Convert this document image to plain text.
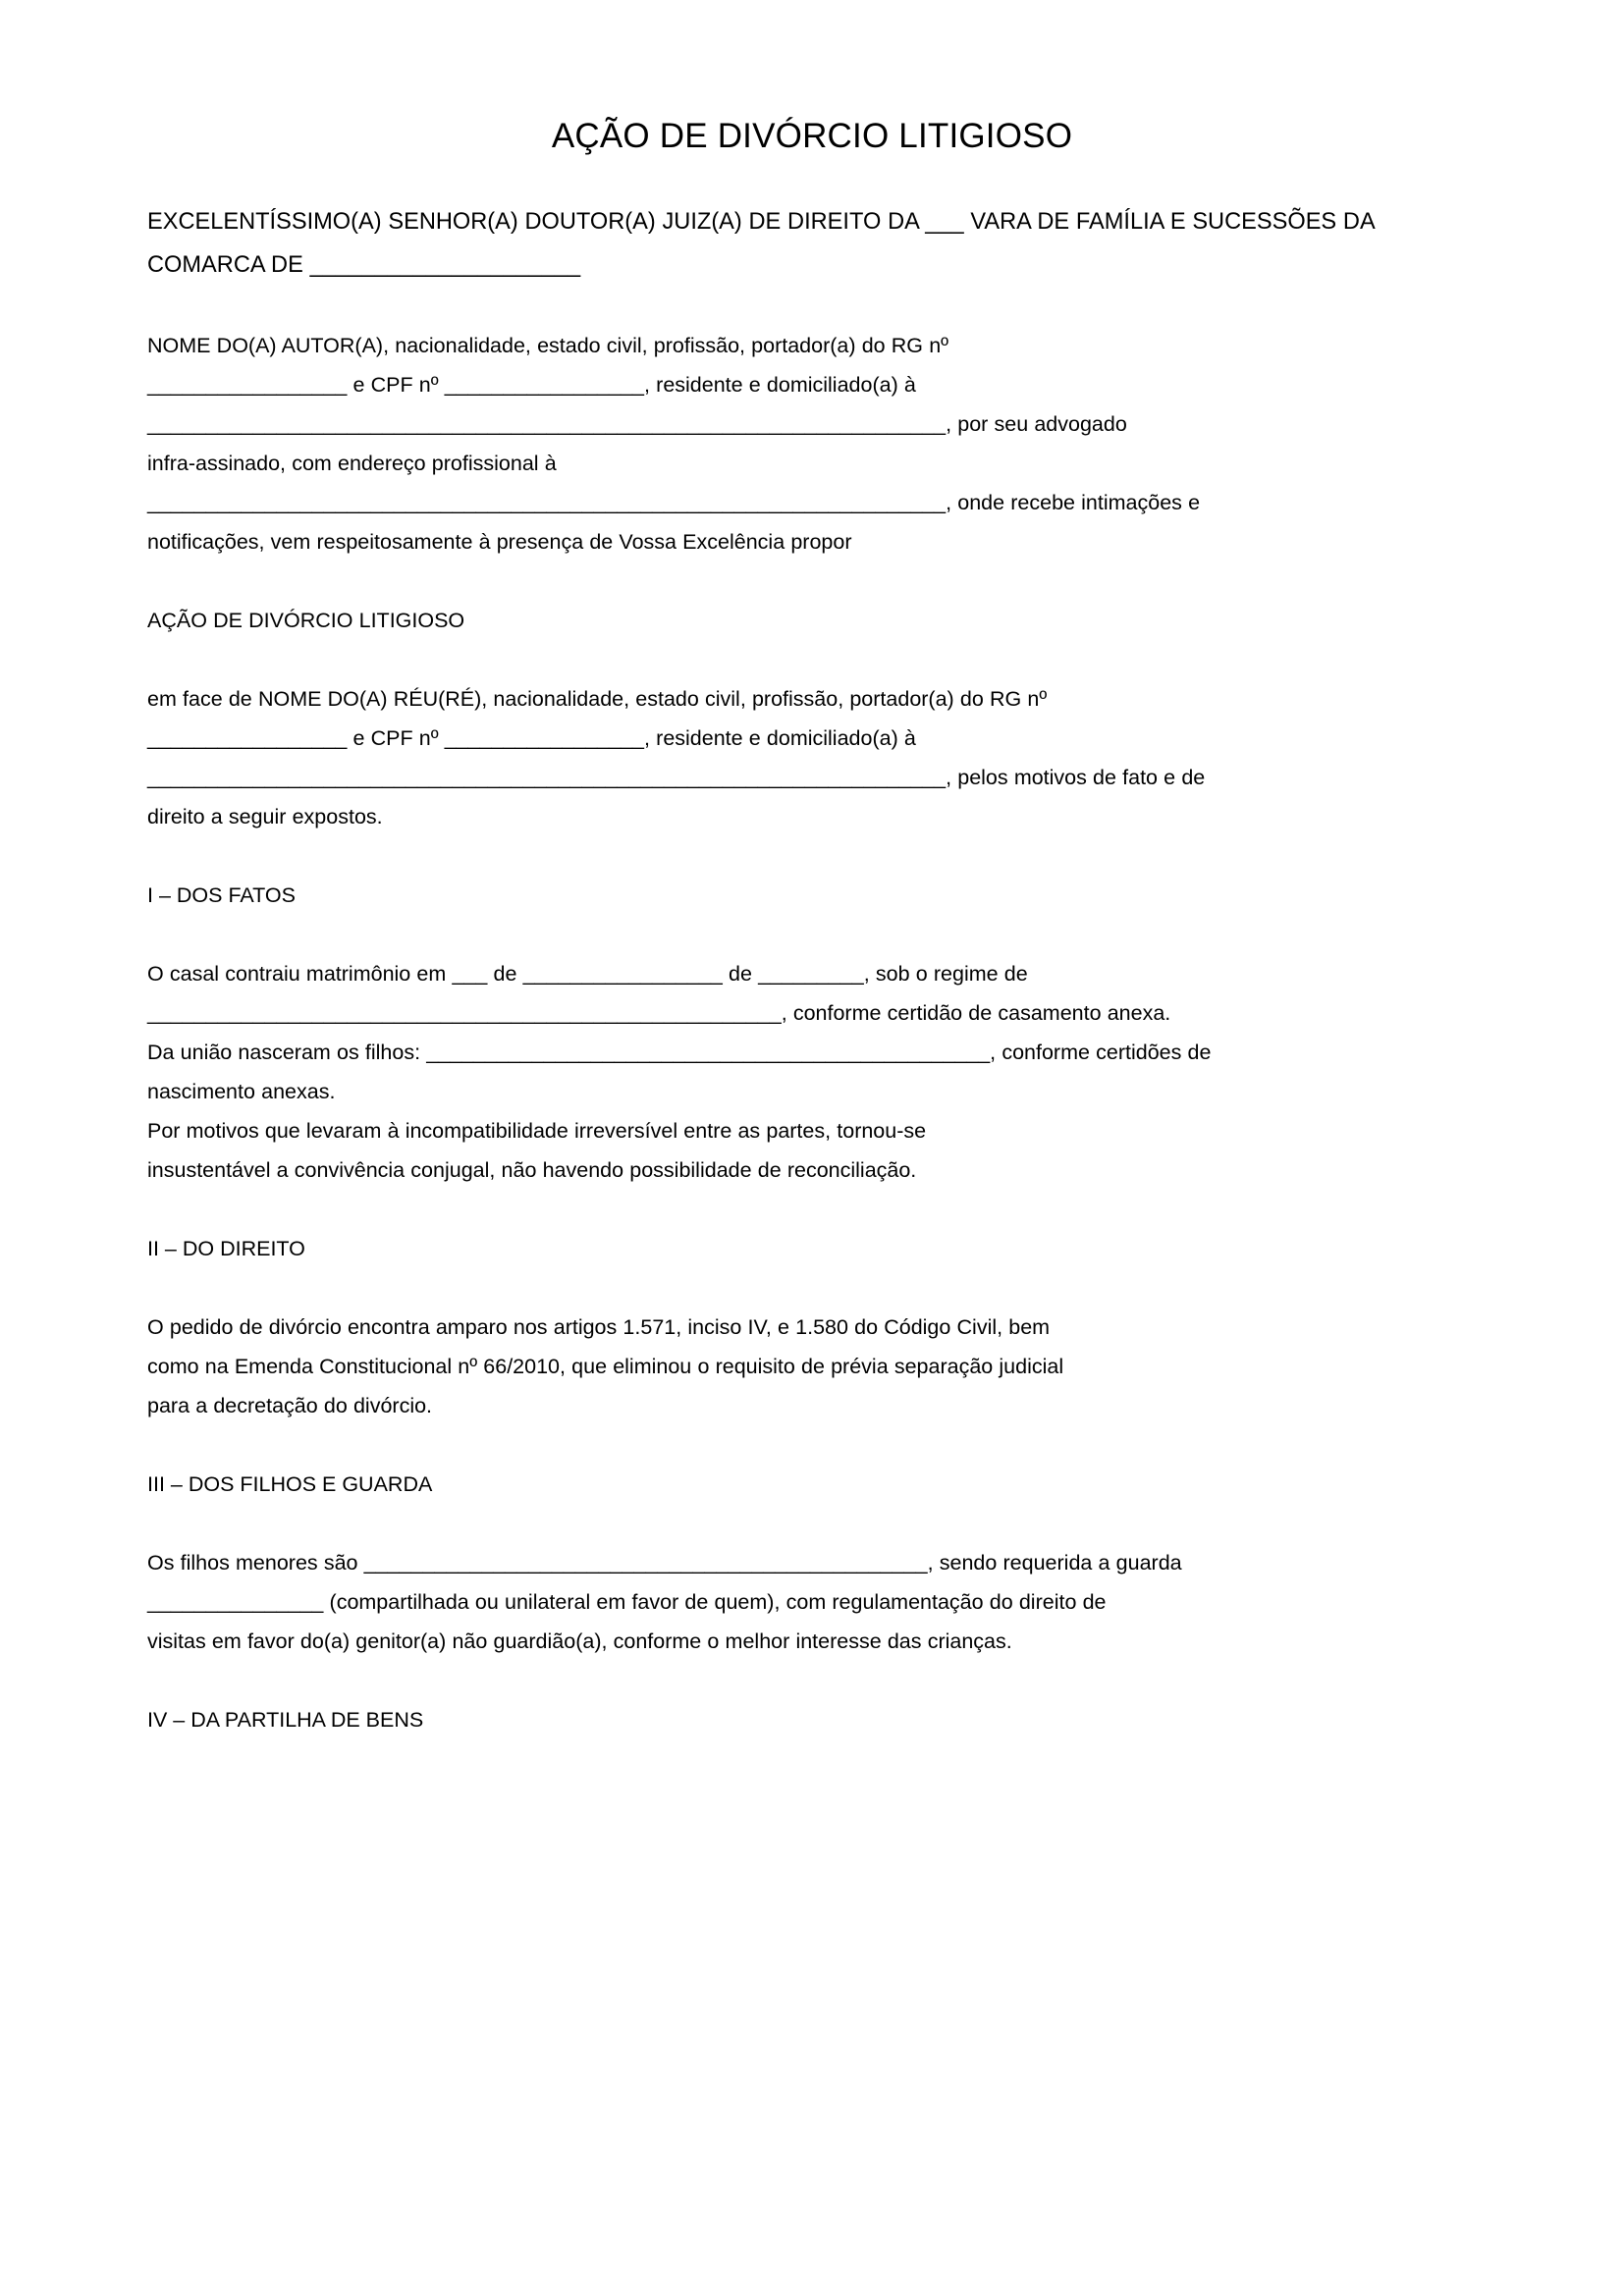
AÇÃO DE DIVÓRCIO LITIGIOSO

EXCELENTÍSSIMO(A) SENHOR(A) DOUTOR(A) JUIZ(A) DE DIREITO DA ___ VARA DE FAMÍLIA E SUCESSÕES DA

COMARCA DE _____________________

NOME DO(A) AUTOR(A), nacionalidade, estado civil, profissão, portador(a) do RG nº

_________________ e CPF nº _________________, residente e domiciliado(a) à

____________________________________________________________________, por seu advogado

infra-assinado, com endereço profissional à

____________________________________________________________________, onde recebe intimações e

notificações, vem respeitosamente à presença de Vossa Excelência propor

AÇÃO DE DIVÓRCIO LITIGIOSO

em face de NOME DO(A) RÉU(RÉ), nacionalidade, estado civil, profissão, portador(a) do RG nº

_________________ e CPF nº _________________, residente e domiciliado(a) à

____________________________________________________________________, pelos motivos de fato e de

direito a seguir expostos.

I – DOS FATOS

O casal contraiu matrimônio em ___ de _________________ de _________, sob o regime de

______________________________________________________, conforme certidão de casamento anexa.

Da união nasceram os filhos: ________________________________________________, conforme certidões de

nascimento anexas.

Por motivos que levaram à incompatibilidade irreversível entre as partes, tornou-se

insustentável a convivência conjugal, não havendo possibilidade de reconciliação.

II – DO DIREITO

O pedido de divórcio encontra amparo nos artigos 1.571, inciso IV, e 1.580 do Código Civil, bem

como na Emenda Constitucional nº 66/2010, que eliminou o requisito de prévia separação judicial

para a decretação do divórcio.

III – DOS FILHOS E GUARDA

Os filhos menores são ________________________________________________, sendo requerida a guarda

_______________ (compartilhada ou unilateral em favor de quem), com regulamentação do direito de

visitas em favor do(a) genitor(a) não guardião(a), conforme o melhor interesse das crianças.

IV – DA PARTILHA DE BENS
